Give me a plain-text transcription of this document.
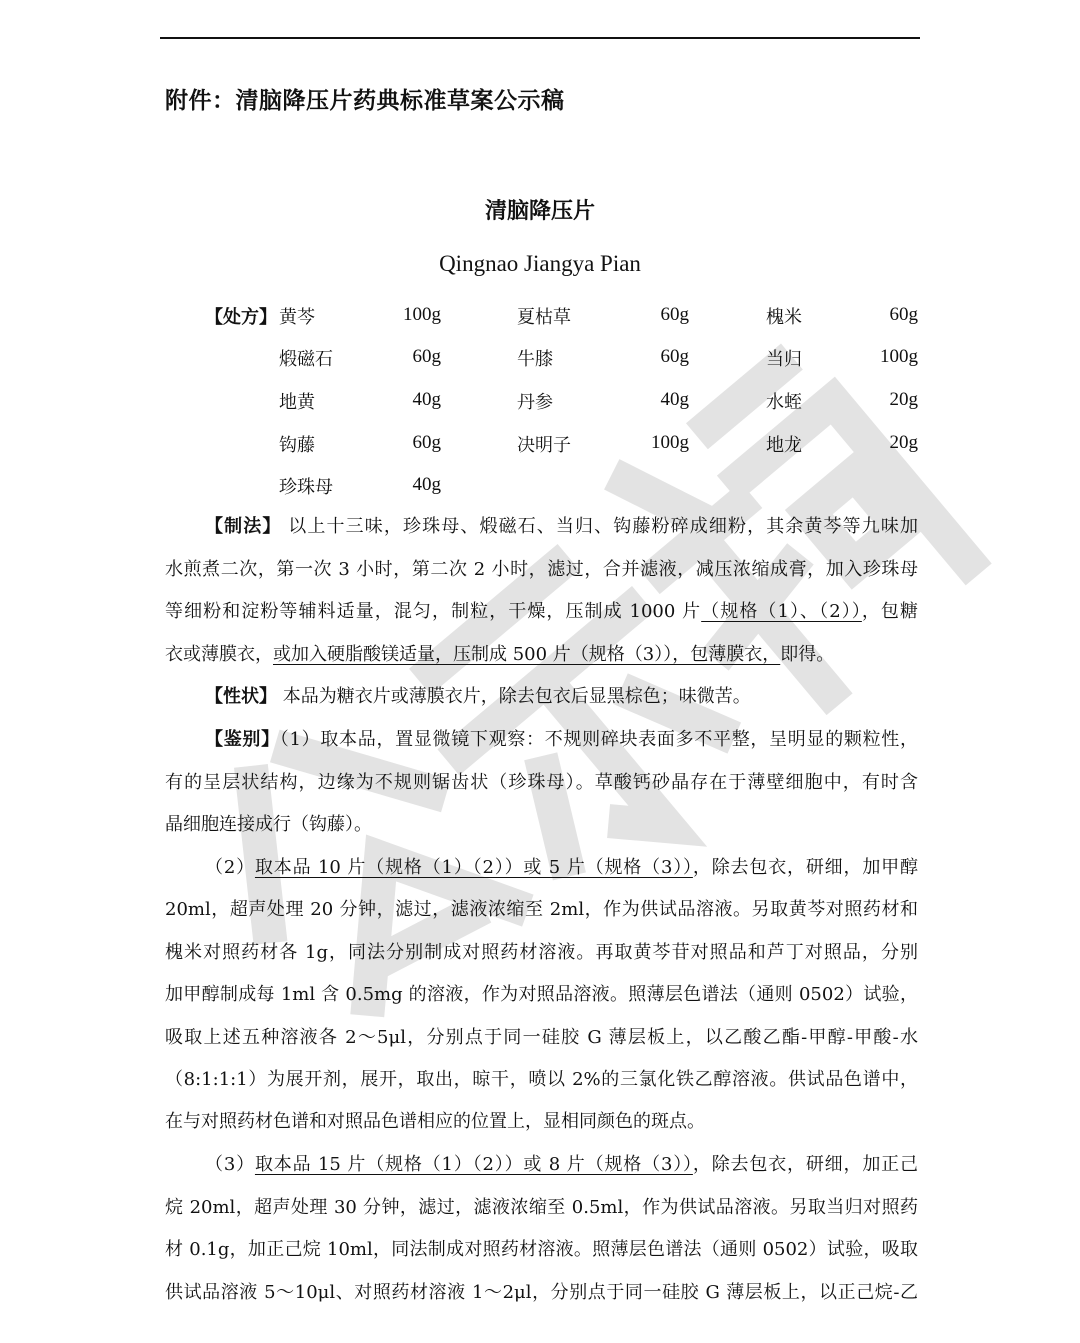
附件：清脑降压片药典标准草案公示稿
清脑降压片
Qingnao Jiangya Pian
【处方】 黄芩	100g	夏枯草	60g	槐米	60g
煅磁石	60g	牛膝	60g	当归	100g
地黄	40g	丹参	40g	水蛭	20g
钩藤	60g	决明子	100g	地龙	20g
珍珠母	40g
【制法】 以上十三味，珍珠母、煅磁石、当归、钩藤粉碎成细粉，其余黄芩等九味加
水煎煮二次，第一次 3 小时，第二次 2 小时，滤过，合并滤液，减压浓缩成膏，加入珍珠母
等细粉和淀粉等辅料适量，混匀，制粒，干燥，压制成 1000 片（规格（1）、（2）），包糖
衣或薄膜衣，或加入硬脂酸镁适量，压制成 500 片（规格（3）），包薄膜衣，即得。
【性状】 本品为糖衣片或薄膜衣片，除去包衣后显黑棕色；味微苦。
【鉴别】（1）取本品，置显微镜下观察：不规则碎块表面多不平整，呈明显的颗粒性，
有的呈层状结构，边缘为不规则锯齿状（珍珠母）。草酸钙砂晶存在于薄壁细胞中，有时含
晶细胞连接成行（钩藤）。
（2）取本品 10 片（规格（1）（2））或 5 片（规格（3）），除去包衣，研细，加甲醇
20ml，超声处理 20 分钟，滤过，滤液浓缩至 2ml，作为供试品溶液。另取黄芩对照药材和
槐米对照药材各 1g，同法分别制成对照药材溶液。再取黄芩苷对照品和芦丁对照品，分别
加甲醇制成每 1ml 含 0.5mg 的溶液，作为对照品溶液。照薄层色谱法（通则 0502）试验，
吸取上述五种溶液各 2～5μl，分别点于同一硅胶 G 薄层板上，以乙酸乙酯-甲醇-甲酸-水
（8:1:1:1）为展开剂，展开，取出，晾干，喷以 2%的三氯化铁乙醇溶液。供试品色谱中，
在与对照药材色谱和对照品色谱相应的位置上，显相同颜色的斑点。
（3）取本品 15 片（规格（1）（2））或 8 片（规格（3）），除去包衣，研细，加正己
烷 20ml，超声处理 30 分钟，滤过，滤液浓缩至 0.5ml，作为供试品溶液。另取当归对照药
材 0.1g，加正己烷 10ml，同法制成对照药材溶液。照薄层色谱法（通则 0502）试验，吸取
供试品溶液 5～10μl、对照药材溶液 1～2μl，分别点于同一硅胶 G 薄层板上，以正己烷-乙
